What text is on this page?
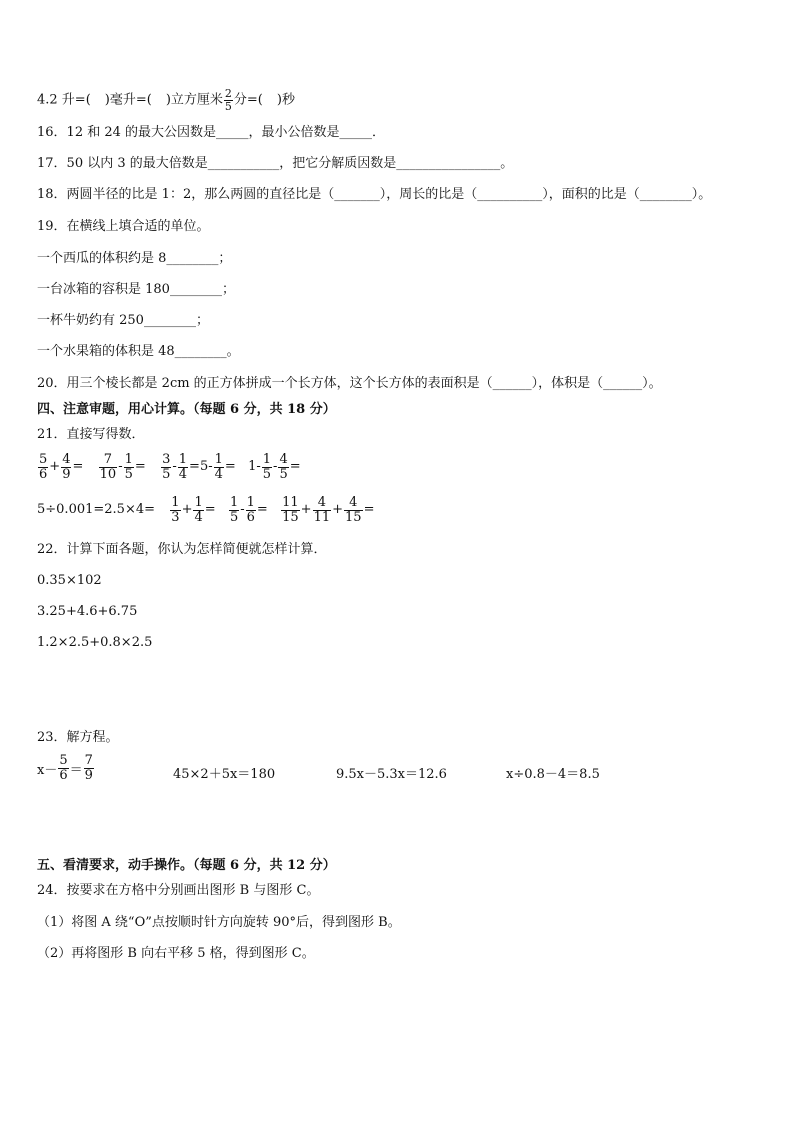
4.2 升=( )毫升=( )立方厘米 $\frac{2}{5}$ 分=( )秒
16．12 和 24 的最大公因数是_____，最小公倍数是_____．
17．50 以内 3 的最大倍数是___________，把它分解质因数是________________。
18．两圆半径的比是 1：2，那么两圆的直径比是（_______），周长的比是（__________），面积的比是（________）。
19．在横线上填合适的单位。
一个西瓜的体积约是 8________；
一台冰箱的容积是 180________；
一杯牛奶约有 250________；
一个水果箱的体积是 48________。
20．用三个棱长都是 2cm 的正方体拼成一个长方体，这个长方体的表面积是（______），体积是（______）。
四、注意审题，用心计算。（每题 6 分，共 18 分）
21．直接写得数．
$\frac{5}{6} + \frac{4}{9} = \frac{7}{10} - \frac{1}{5} = \frac{3}{5} - \frac{1}{4} =5- \frac{1}{4} = 1- \frac{1}{5} - \frac{4}{5}$ =
$5\div 0.001=2.5\times 4= \frac{1}{3} + \frac{1}{4} = \frac{1}{5} - \frac{1}{6} = \frac{11}{15} + \frac{4}{11} + \frac{4}{15}$ =
22．计算下面各题，你认为怎样简便就怎样计算．
0.35×102
3.25+4.6+6.75
1.2×2.5+0.8×2.5
23．解方程。
$x- \frac{5}{6} = \frac{7}{9}$	45×2＋5x＝180	9.5x－5.3x＝12.6	x÷0.8－4＝8.5
五、看清要求，动手操作。（每题 6 分，共 12 分）
24．按要求在方格中分别画出图形 B 与图形 C。
（1）将图 A 绕“O”点按顺时针方向旋转 90°后，得到图形 B。
（2）再将图形 B 向右平移 5 格，得到图形 C。
